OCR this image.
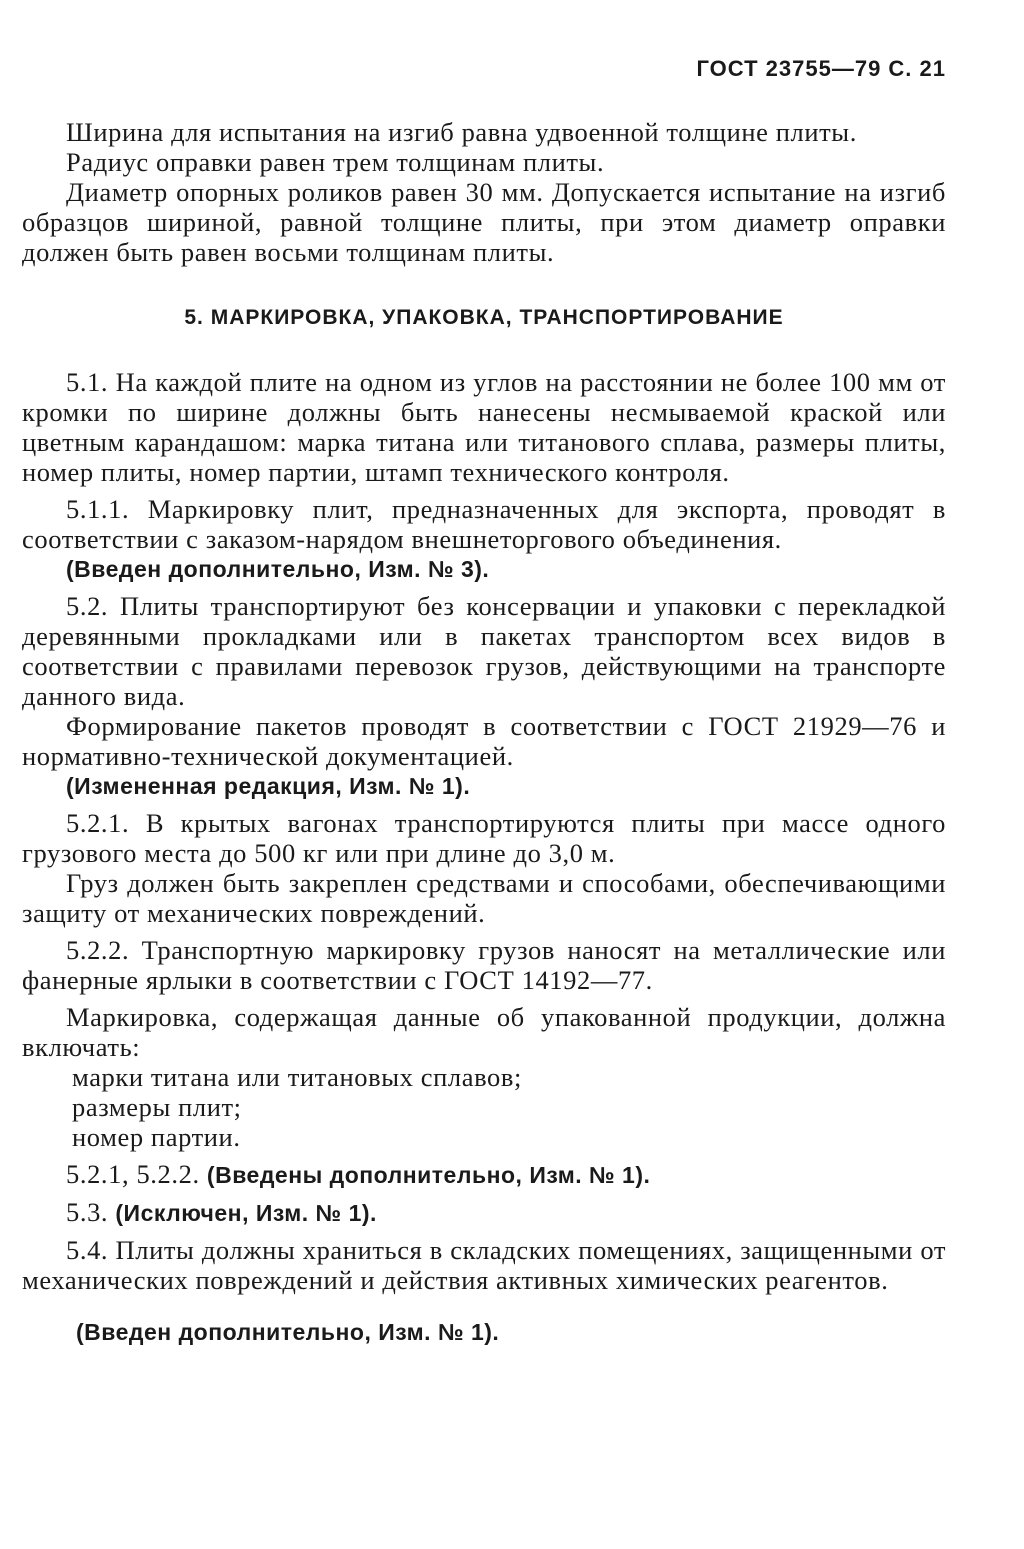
ГОСТ 23755—79 С. 21

Ширина для испытания на изгиб равна удвоенной толщине плиты.

Радиус оправки равен трем толщинам плиты.

Диаметр опорных роликов равен 30 мм. Допускается испытание на изгиб образцов шириной, равной толщине плиты, при этом диаметр оправки должен быть равен восьми толщинам плиты.

5. МАРКИРОВКА, УПАКОВКА, ТРАНСПОРТИРОВАНИЕ

5.1. На каждой плите на одном из углов на расстоянии не более 100 мм от кромки по ширине должны быть нанесены несмываемой краской или цветным карандашом: марка титана или титанового сплава, размеры плиты, номер плиты, номер партии, штамп технического контроля.

5.1.1. Маркировку плит, предназначенных для экспорта, проводят в соответствии с заказом-нарядом внешнеторгового объединения.

(Введен дополнительно, Изм. № 3).

5.2. Плиты транспортируют без консервации и упаковки с перекладкой деревянными прокладками или в пакетах транспортом всех видов в соответствии с правилами перевозок грузов, действующими на транспорте данного вида.

Формирование пакетов проводят в соответствии с ГОСТ 21929—76 и нормативно-технической документацией.

(Измененная редакция, Изм. № 1).

5.2.1. В крытых вагонах транспортируются плиты при массе одного грузового места до 500 кг или при длине до 3,0 м.

Груз должен быть закреплен средствами и способами, обеспечивающими защиту от механических повреждений.

5.2.2. Транспортную маркировку грузов наносят на металлические или фанерные ярлыки в соответствии с ГОСТ 14192—77.

Маркировка, содержащая данные об упакованной продукции, должна включать:

марки титана или титановых сплавов;
размеры плит;
номер партии.

5.2.1, 5.2.2. (Введены дополнительно, Изм. № 1).

5.3. (Исключен, Изм. № 1).

5.4. Плиты должны храниться в складских помещениях, защищенными от механических повреждений и действия активных химических реагентов.

(Введен дополнительно, Изм. № 1).
